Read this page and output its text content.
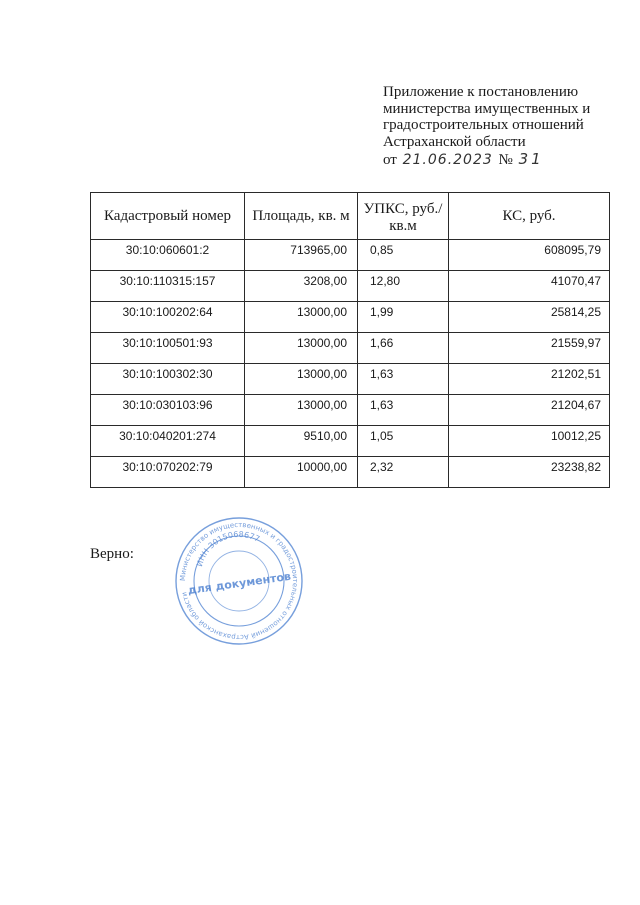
Приложение к постановлению
министерства имущественных и
градостроительных отношений
Астраханской области
от 21.06.2023 № 31
Кадастровый номер	Площадь, кв. м	УПКС, руб./кв.м	КС, руб.
30:10:060601:2	713965,00	0,85	608095,79
30:10:110315:157	3208,00	12,80	41070,47
30:10:100202:64	13000,00	1,99	25814,25
30:10:100501:93	13000,00	1,66	21559,97
30:10:100302:30	13000,00	1,63	21202,51
30:10:030103:96	13000,00	1,63	21204,67
30:10:040201:274	9510,00	1,05	10012,25
30:10:070202:79	10000,00	2,32	23238,82
Верно:
Министерство имущественных и градостроительных отношений Астраханской области
ИНН 3015068677
для документов
